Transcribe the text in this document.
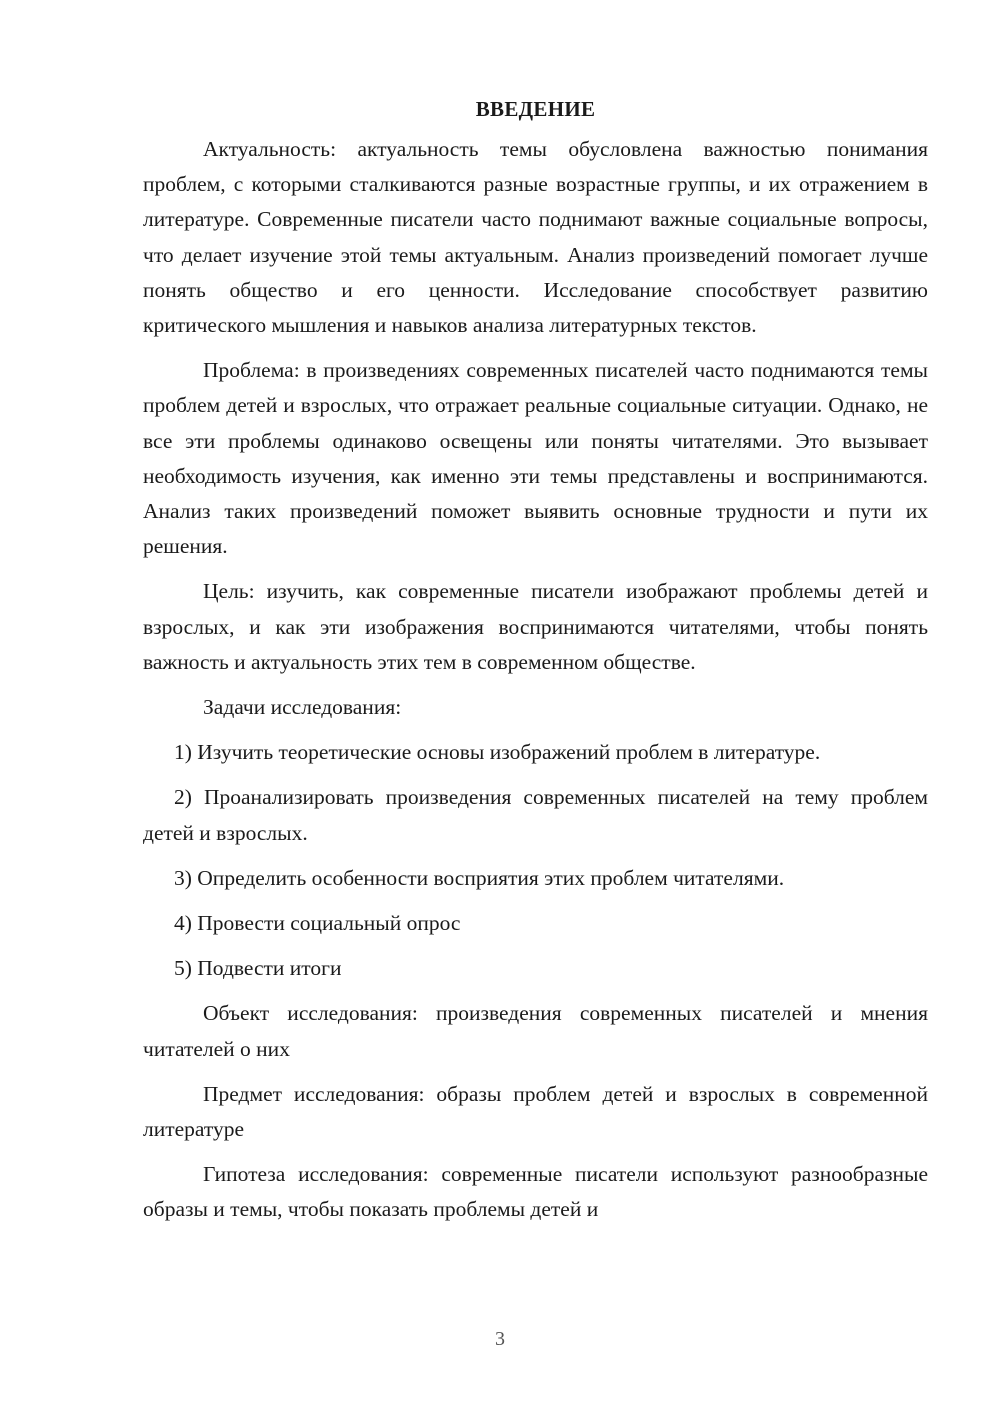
ВВЕДЕНИЕ

Актуальность: актуальность темы обусловлена важностью понимания проблем, с которыми сталкиваются разные возрастные группы, и их отражением в литературе. Современные писатели часто поднимают важные социальные вопросы, что делает изучение этой темы актуальным. Анализ произведений помогает лучше понять общество и его ценности. Исследование способствует развитию критического мышления и навыков анализа литературных текстов.

Проблема: в произведениях современных писателей часто поднимаются темы проблем детей и взрослых, что отражает реальные социальные ситуации. Однако, не все эти проблемы одинаково освещены или поняты читателями. Это вызывает необходимость изучения, как именно эти темы представлены и воспринимаются. Анализ таких произведений поможет выявить основные трудности и пути их решения.

Цель: изучить, как современные писатели изображают проблемы детей и взрослых, и как эти изображения воспринимаются читателями, чтобы понять важность и актуальность этих тем в современном обществе.

Задачи исследования:

1) Изучить теоретические основы изображений проблем в литературе.

2) Проанализировать произведения современных писателей на тему проблем детей и взрослых.

3) Определить особенности восприятия этих проблем читателями.

4) Провести социальный опрос

5) Подвести итоги

Объект исследования: произведения современных писателей и мнения читателей о них

Предмет исследования: образы проблем детей и взрослых в современной литературе

Гипотеза исследования: современные писатели используют разнообразные образы и темы, чтобы показать проблемы детей и

3
